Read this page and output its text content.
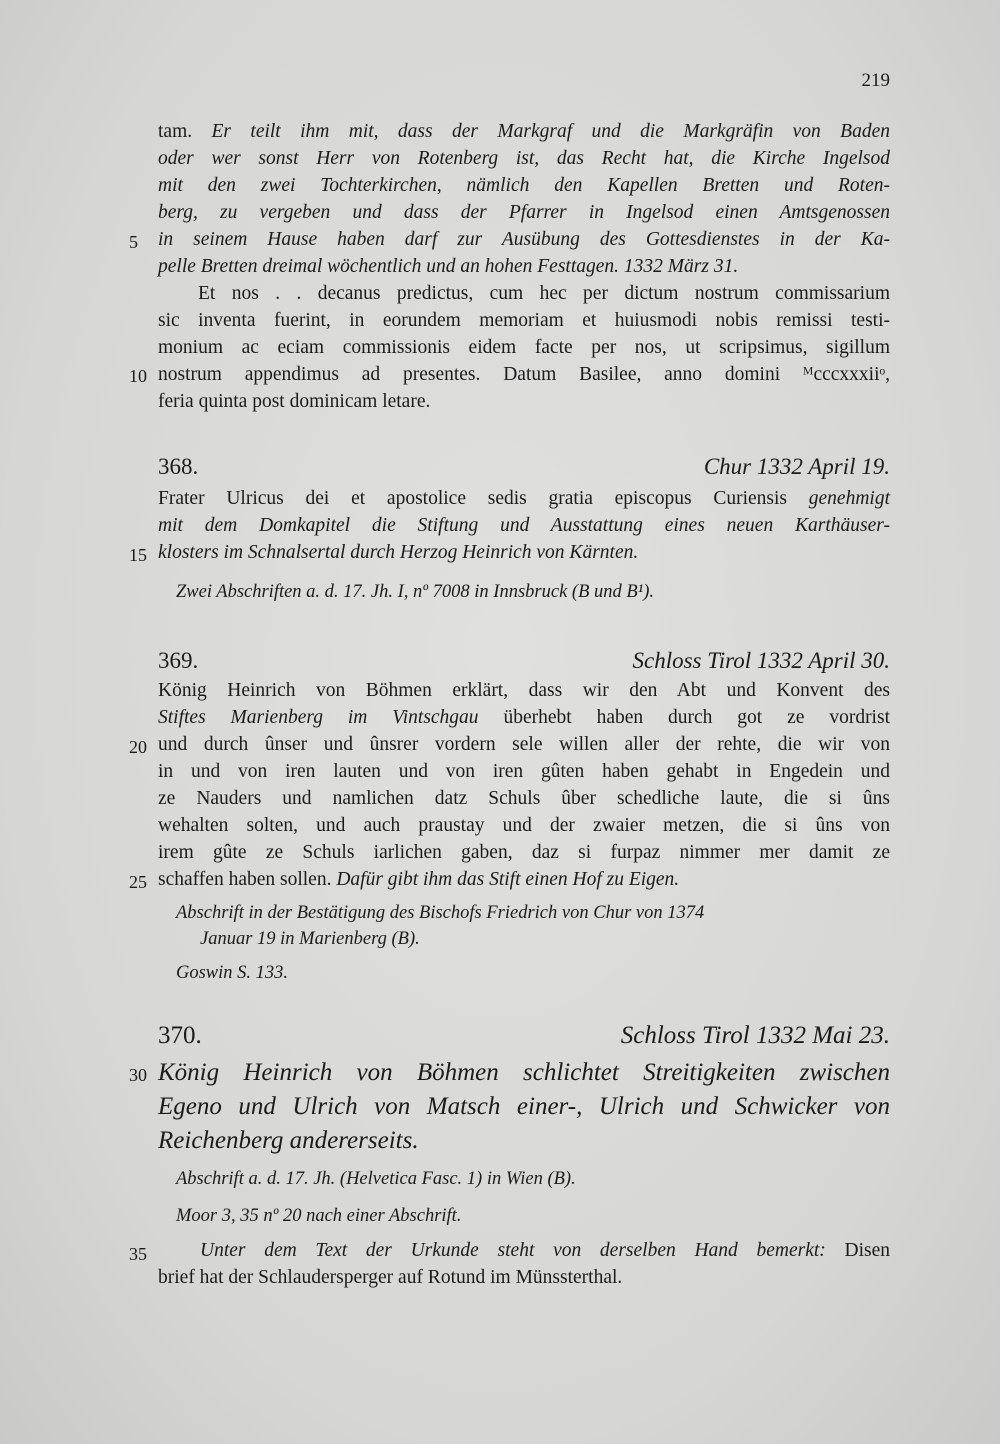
219
tam. Er teilt ihm mit, dass der Markgraf und die Markgräfin von Baden
oder wer sonst Herr von Rotenberg ist, das Recht hat, die Kirche Ingelsod
mit den zwei Tochterkirchen, nämlich den Kapellen Bretten und Roten-
berg, zu vergeben und dass der Pfarrer in Ingelsod einen Amtsgenossen
5	in seinem Hause haben darf zur Ausübung des Gottesdienstes in der Ka-
pelle Bretten dreimal wöchentlich und an hohen Festtagen. 1332 März 31.
Et nos . . decanus predictus, cum hec per dictum nostrum commissarium
sic inventa fuerint, in eorundem memoriam et huiusmodi nobis remissi testi-
monium ac eciam commissionis eidem facte per nos, ut scripsimus, sigillum
10 nostrum appendimus ad presentes. Datum Basilee, anno domini ᴹcccxxxiiᵒ,
feria quinta post dominicam letare.
368.	Chur 1332 April 19.
Frater Ulricus dei et apostolice sedis gratia episcopus Curiensis genehmigt
mit dem Domkapitel die Stiftung und Ausstattung eines neuen Karthäuser-
15 klosters im Schnalsertal durch Herzog Heinrich von Kärnten.
Zwei Abschriften a. d. 17. Jh. I, nº 7008 in Innsbruck (B und B¹).
369.	Schloss Tirol 1332 April 30.
König Heinrich von Böhmen erklärt, dass wir den Abt und Konvent des
Stiftes Marienberg im Vintschgau überhebt haben durch got ze vordrist
20 und durch ûnser und ûnsrer vordern sele willen aller der rehte, die wir von
in und von iren lauten und von iren gûten haben gehabt in Engedein und
ze Nauders und namlichen datz Schuls ûber schedliche laute, die si ûns
wehalten solten, und auch praustay und der zwaier metzen, die si ûns von
irem gûte ze Schuls iarlichen gaben, daz si furpaz nimmer mer damit ze
25 schaffen haben sollen. Dafür gibt ihm das Stift einen Hof zu Eigen.
Abschrift in der Bestätigung des Bischofs Friedrich von Chur von 1374
Januar 19 in Marienberg (B).
Goswin S. 133.
370.	Schloss Tirol 1332 Mai 23.
30 König Heinrich von Böhmen schlichtet Streitigkeiten zwischen
Egeno und Ulrich von Matsch einer-, Ulrich und Schwicker von
Reichenberg andererseits.
Abschrift a. d. 17. Jh. (Helvetica Fasc. 1) in Wien (B).
Moor 3, 35 nº 20 nach einer Abschrift.
35	Unter dem Text der Urkunde steht von derselben Hand bemerkt: Disen
brief hat der Schlaudersperger auf Rotund im Münssterthal.
